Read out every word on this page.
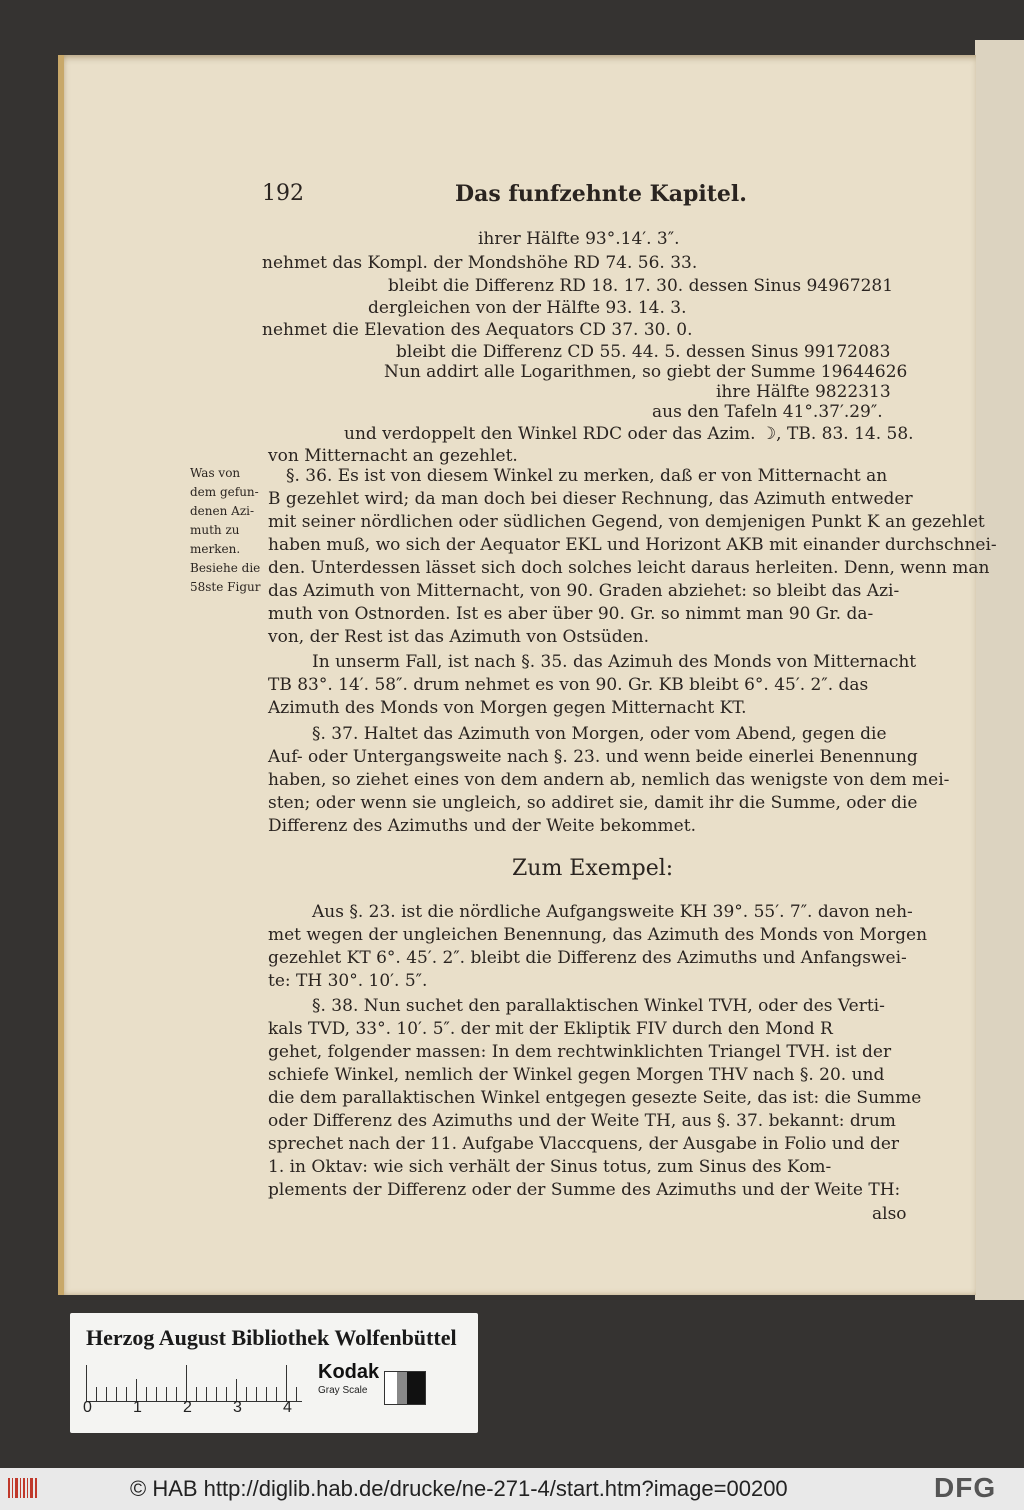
192	Das funfzehnte Kapitel.
ihrer Hälfte 93°.14′. 3″.
nehmet das Kompl. der Mondshöhe RD 74. 56. 33.
bleibt die Differenz RD 18. 17. 30. dessen Sinus 94967281
dergleichen von der Hälfte 93. 14. 3.
nehmet die Elevation des Aequators CD 37. 30. 0.
bleibt die Differenz CD 55. 44. 5. dessen Sinus 99172083
Nun addirt alle Logarithmen, so giebt der Summe 19644626
ihre Hälfte 9822313
aus den Tafeln 41°.37′.29″.
und verdoppelt den Winkel RDC oder das Azim. ☽, TB. 83. 14. 58.
von Mitternacht an gezehlet.
Was von
dem gefun-
denen Azi-
muth zu
merken.
Besiehe die
58ste Figur
§. 36. Es ist von diesem Winkel zu merken, daß er von Mitternacht an
B gezehlet wird; da man doch bei dieser Rechnung, das Azimuth entweder
mit seiner nördlichen oder südlichen Gegend, von demjenigen Punkt K an gezehlet
haben muß, wo sich der Aequator EKL und Horizont AKB mit einander durchschnei-
den. Unterdessen lässet sich doch solches leicht daraus herleiten. Denn, wenn man
das Azimuth von Mitternacht, von 90. Graden abziehet: so bleibt das Azi-
muth von Ostnorden. Ist es aber über 90. Gr. so nimmt man 90 Gr. da-
von, der Rest ist das Azimuth von Ostsüden.
In unserm Fall, ist nach §. 35. das Azimuh des Monds von Mitternacht
TB 83°. 14′. 58″. drum nehmet es von 90. Gr. KB bleibt 6°. 45′. 2″. das
Azimuth des Monds von Morgen gegen Mitternacht KT.
§. 37. Haltet das Azimuth von Morgen, oder vom Abend, gegen die
Auf- oder Untergangsweite nach §. 23. und wenn beide einerlei Benennung
haben, so ziehet eines von dem andern ab, nemlich das wenigste von dem mei-
sten; oder wenn sie ungleich, so addiret sie, damit ihr die Summe, oder die
Differenz des Azimuths und der Weite bekommet.
Zum Exempel:
Aus §. 23. ist die nördliche Aufgangsweite KH 39°. 55′. 7″. davon neh-
met wegen der ungleichen Benennung, das Azimuth des Monds von Morgen
gezehlet KT 6°. 45′. 2″. bleibt die Differenz des Azimuths und Anfangswei-
te: TH 30°. 10′. 5″.
§. 38. Nun suchet den parallaktischen Winkel TVH, oder des Verti-
kals TVD, 33°. 10′. 5″. der mit der Ekliptik FIV durch den Mond R
gehet, folgender massen: In dem rechtwinklichten Triangel TVH. ist der
schiefe Winkel, nemlich der Winkel gegen Morgen THV nach §. 20. und
die dem parallaktischen Winkel entgegen gesezte Seite, das ist: die Summe
oder Differenz des Azimuths und der Weite TH, aus §. 37. bekannt: drum
sprechet nach der 11. Aufgabe Vlaccquens, der Ausgabe in Folio und der
1. in Oktav: wie sich verhält der Sinus totus, zum Sinus des Kom-
plements der Differenz oder der Summe des Azimuths und der Weite TH:
also
Herzog August Bibliothek Wolfenbüttel
0	1	2	3	4
Kodak
Gray Scale
© HAB http://diglib.hab.de/drucke/ne-271-4/start.htm?image=00200	DFG
